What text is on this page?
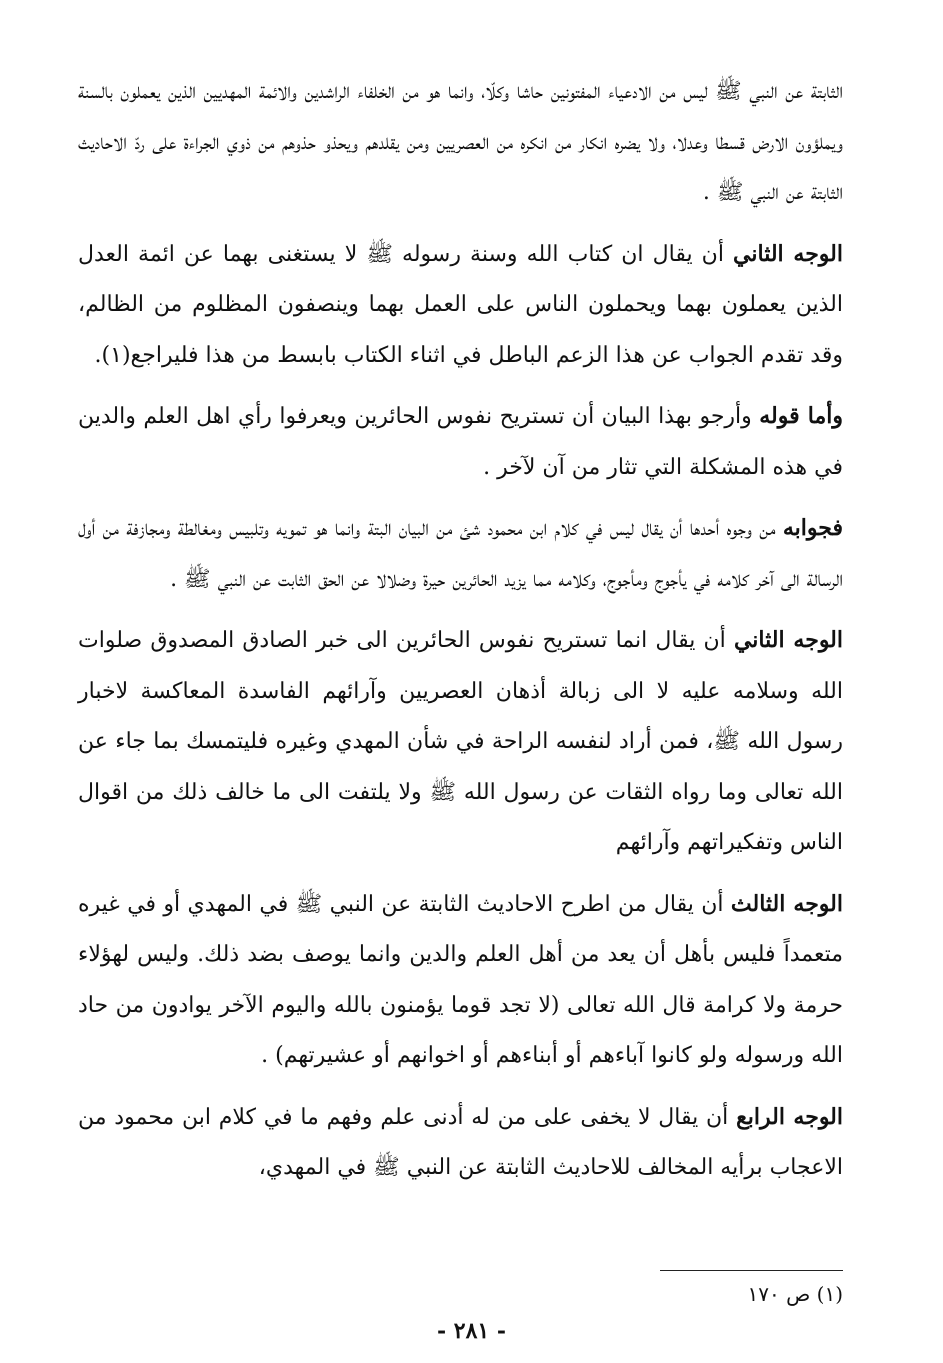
الثابتة عن النبي ﷺ ليس من الادعياء المفتونين حاشا وكلّا، وانما هو من الخلفاء الراشدين والائمة المهديين الذين يعملون بالسنة ويملؤون الارض قسطا وعدلا، ولا يضره انكار من انكره من العصريين ومن يقلدهم ويحذو حذوهم من ذوي الجراءة على ردّ الاحاديث الثابتة عن النبي ﷺ .

الوجه الثاني أن يقال ان كتاب الله وسنة رسوله ﷺ لا يستغنى بهما عن ائمة العدل الذين يعملون بهما ويحملون الناس على العمل بهما وينصفون المظلوم من الظالم، وقد تقدم الجواب عن هذا الزعم الباطل في اثناء الكتاب بابسط من هذا فليراجع(١).

وأما قوله وأرجو بهذا البيان أن تستريح نفوس الحائرين ويعرفوا رأي اهل العلم والدين في هذه المشكلة التي تثار من آن لآخر .

فجوابه من وجوه أحدها أن يقال ليس في كلام ابن محمود شئ من البيان البتة وانما هو تمويه وتلبيس ومغالطة ومجازفة من أول الرسالة الى آخر كلامه في يأجوج ومأجوج، وكلامه مما يزيد الحائرين حيرة وضلالا عن الحق الثابت عن النبي ﷺ .

الوجه الثاني أن يقال انما تستريح نفوس الحائرين الى خبر الصادق المصدوق صلوات الله وسلامه عليه لا الى زبالة أذهان العصريين وآرائهم الفاسدة المعاكسة لاخبار رسول الله ﷺ، فمن أراد لنفسه الراحة في شأن المهدي وغيره فليتمسك بما جاء عن الله تعالى وما رواه الثقات عن رسول الله ﷺ ولا يلتفت الى ما خالف ذلك من اقوال الناس وتفكيراتهم وآرائهم

الوجه الثالث أن يقال من اطرح الاحاديث الثابتة عن النبي ﷺ في المهدي أو في غيره متعمداً فليس بأهل أن يعد من أهل العلم والدين وانما يوصف بضد ذلك. وليس لهؤلاء حرمة ولا كرامة قال الله تعالى (لا تجد قوما يؤمنون بالله واليوم الآخر يوادون من حاد الله ورسوله ولو كانوا آباءهم أو أبناءهم أو اخوانهم أو عشيرتهم) .

الوجه الرابع أن يقال لا يخفى على من له أدنى علم وفهم ما في كلام ابن محمود من الاعجاب برأيه المخالف للاحاديث الثابتة عن النبي ﷺ في المهدي،

(١) ص ١٧٠
- ٢٨١ -
